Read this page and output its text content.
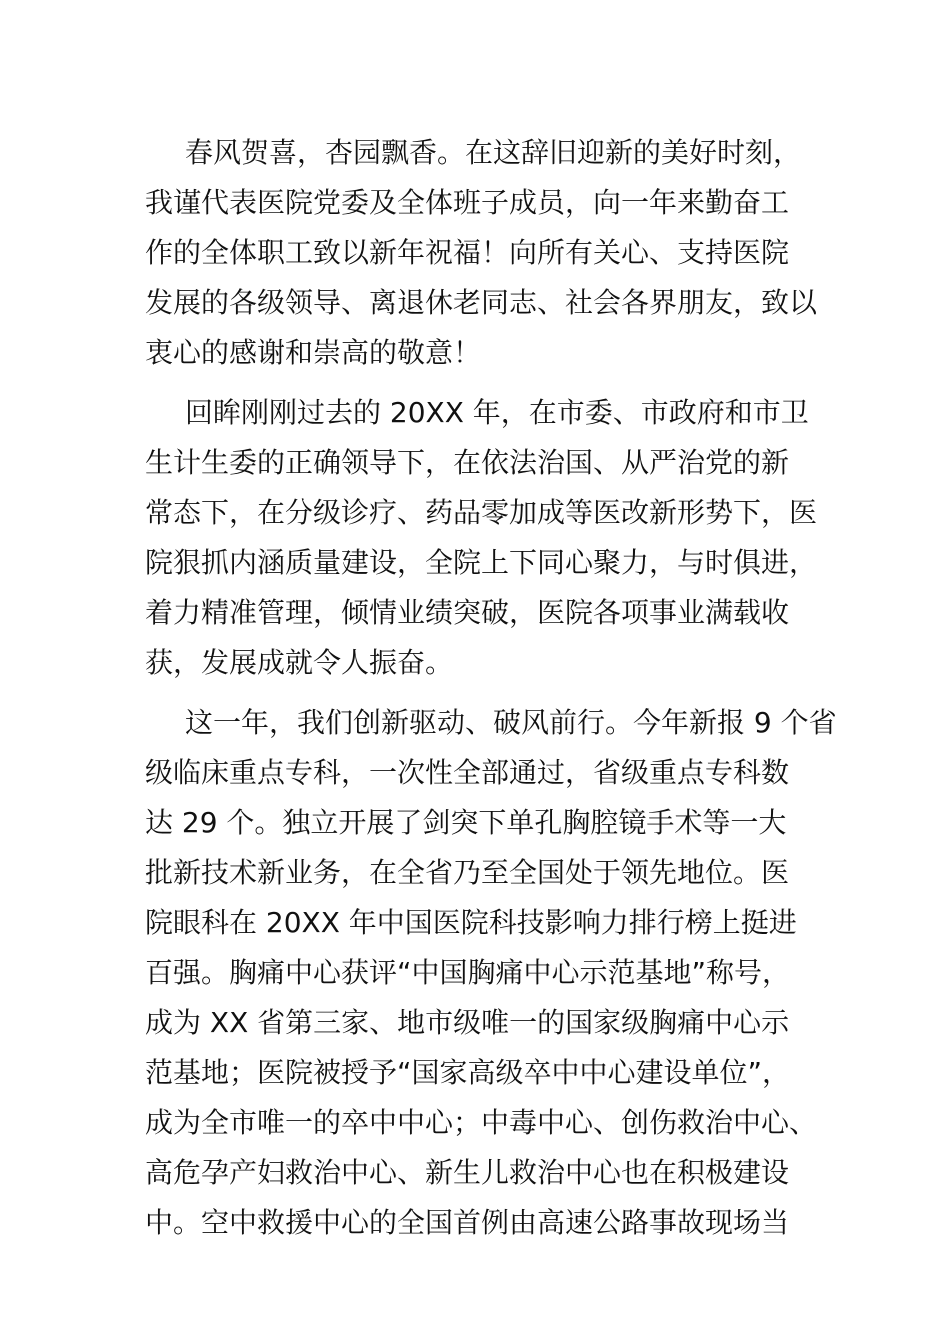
春风贺喜，杏园飘香。在这辞旧迎新的美好时刻，
我谨代表医院党委及全体班子成员，向一年来勤奋工
作的全体职工致以新年祝福！向所有关心、支持医院
发展的各级领导、离退休老同志、社会各界朋友，致以
衷心的感谢和崇高的敬意！
回眸刚刚过去的 20XX 年，在市委、市政府和市卫
生计生委的正确领导下，在依法治国、从严治党的新
常态下，在分级诊疗、药品零加成等医改新形势下，医
院狠抓内涵质量建设，全院上下同心聚力，与时俱进，
着力精准管理，倾情业绩突破，医院各项事业满载收
获，发展成就令人振奋。
这一年，我们创新驱动、破风前行。今年新报 9 个省
级临床重点专科，一次性全部通过，省级重点专科数
达 29 个。独立开展了剑突下单孔胸腔镜手术等一大
批新技术新业务，在全省乃至全国处于领先地位。医
院眼科在 20XX 年中国医院科技影响力排行榜上挺进
百强。胸痛中心获评“中国胸痛中心示范基地”称号，
成为 XX 省第三家、地市级唯一的国家级胸痛中心示
范基地；医院被授予“国家高级卒中中心建设单位”，
成为全市唯一的卒中中心；中毒中心、创伤救治中心、
高危孕产妇救治中心、新生儿救治中心也在积极建设
中。空中救援中心的全国首例由高速公路事故现场当
